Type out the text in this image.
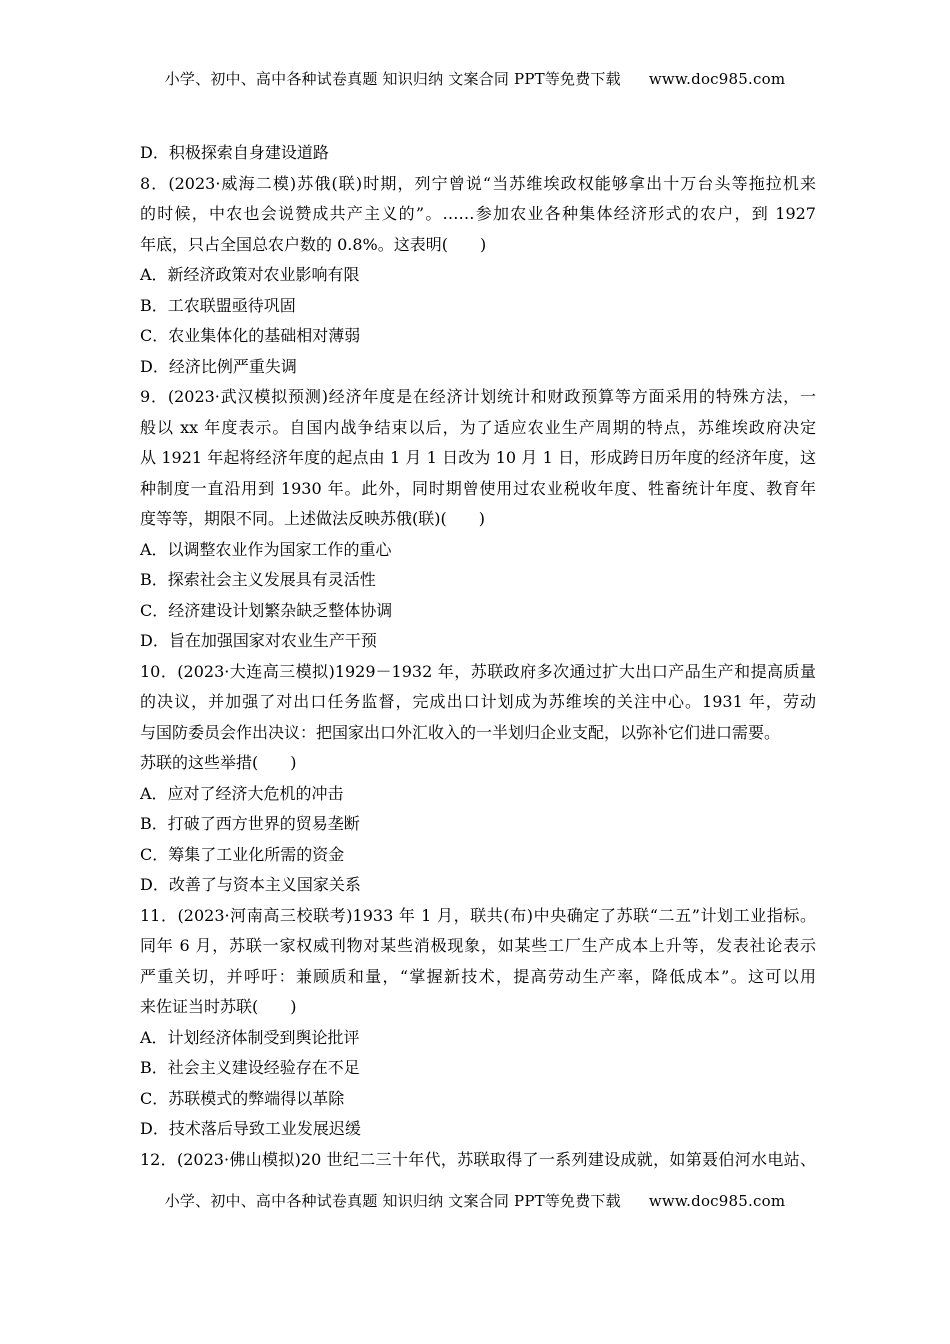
小学、初中、高中各种试卷真题 知识归纳 文案合同 PPT等免费下载 www.doc985.com
D．积极探索自身建设道路
8．(2023·威海二模)苏俄(联)时期，列宁曾说“当苏维埃政权能够拿出十万台头等拖拉机来
的时候，中农也会说赞成共产主义的”。……参加农业各种集体经济形式的农户，到 1927
年底，只占全国总农户数的 0.8%。这表明(　　)
A．新经济政策对农业影响有限
B．工农联盟亟待巩固
C．农业集体化的基础相对薄弱
D．经济比例严重失调
9．(2023·武汉模拟预测)经济年度是在经济计划统计和财政预算等方面采用的特殊方法，一
般以 xx 年度表示。自国内战争结束以后，为了适应农业生产周期的特点，苏维埃政府决定
从 1921 年起将经济年度的起点由 1 月 1 日改为 10 月 1 日，形成跨日历年度的经济年度，这
种制度一直沿用到 1930 年。此外，同时期曾使用过农业税收年度、牲畜统计年度、教育年
度等等，期限不同。上述做法反映苏俄(联)(　　)
A．以调整农业作为国家工作的重心
B．探索社会主义发展具有灵活性
C．经济建设计划繁杂缺乏整体协调
D．旨在加强国家对农业生产干预
10．(2023·大连高三模拟)1929－1932 年，苏联政府多次通过扩大出口产品生产和提高质量
的决议，并加强了对出口任务监督，完成出口计划成为苏维埃的关注中心。1931 年，劳动
与国防委员会作出决议：把国家出口外汇收入的一半划归企业支配，以弥补它们进口需要。
苏联的这些举措(　　)
A．应对了经济大危机的冲击
B．打破了西方世界的贸易垄断
C．筹集了工业化所需的资金
D．改善了与资本主义国家关系
11．(2023·河南高三校联考)1933 年 1 月，联共(布)中央确定了苏联“二五”计划工业指标。
同年 6 月，苏联一家权威刊物对某些消极现象，如某些工厂生产成本上升等，发表社论表示
严重关切，并呼吁：兼顾质和量，“掌握新技术，提高劳动生产率，降低成本”。这可以用
来佐证当时苏联(　　)
A．计划经济体制受到舆论批评
B．社会主义建设经验存在不足
C．苏联模式的弊端得以革除
D．技术落后导致工业发展迟缓
12．(2023·佛山模拟)20 世纪二三十年代，苏联取得了一系列建设成就，如第聂伯河水电站、
小学、初中、高中各种试卷真题 知识归纳 文案合同 PPT等免费下载 www.doc985.com
